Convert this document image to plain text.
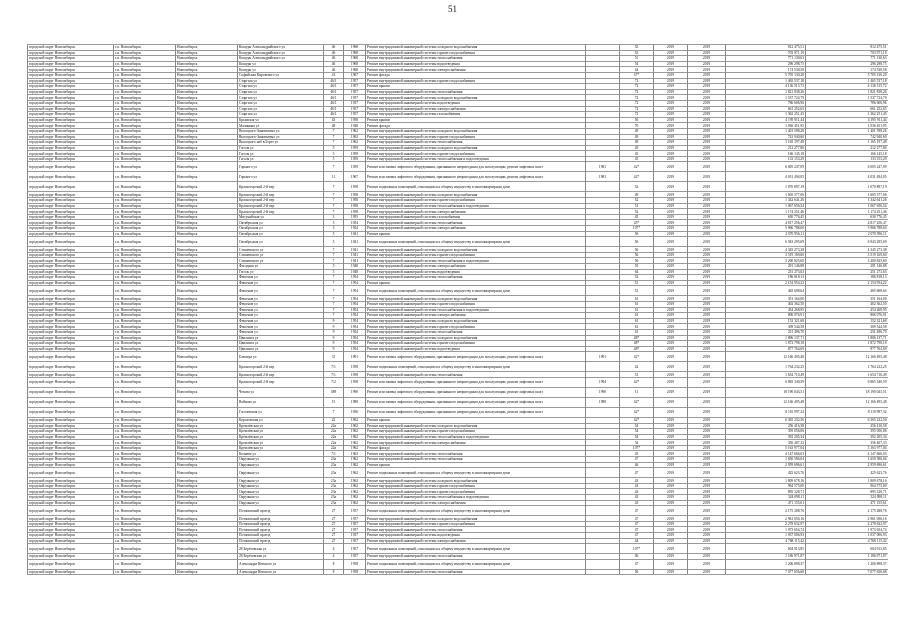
51
городской округ Новосибирск	г.п. Новосибирск	Новосибирск	Кошурн Александрийского ул	46	1968	Ремонт внутридомовой инженерной системы холодного водоснабжения		35	2019	2019	812 475,51	812 475,51
городской округ Новосибирск	г.п. Новосибирск	Новосибирск	Кошурн Александрийского ул	46	1968	Ремонт внутридомовой инженерной системы горячего водоснабжения		53	2019	2019	703 971,19	703 971,19
городской округ Новосибирск	г.п. Новосибирск	Новосибирск	Кошурн Александрийского ул	46	1968	Ремонт внутридомовой инженерной системы теплоснабжения		51	2019	2019	771 130,63	771 130,63
городской округ Новосибирск	г.п. Новосибирск	Новосибирск	Кошурн ул	46	1968	Ремонт внутридомовой инженерной системы водоотведения		54	2019	2019	296 298,75	296 298,75
городской округ Новосибирск	г.п. Новосибирск	Новосибирск	Кошурн ул	46	1968	Ремонт внутридомовой инженерной системы электроснабжения		44	2019	2019	174 538,58	174 538,58
городской округ Новосибирск	г.п. Новосибирск	Новосибирск	Софийская Кировского ул	41	1967	Ремонт фасада		47*	2019	2019	5 705 130,20	5 705 130,20
городской округ Новосибирск	г.п. Новосибирск	Новосибирск	Старгаза ул	46/1	1957	Ремонт внутридомовой инженерной системы горячего водоснабжения		72	2019	2019	1 465 537,18	1 465 537,18
городской округ Новосибирск	г.п. Новосибирск	Новосибирск	Старгаза ул	46/1	1957	Ремонт крыши		72	2019	2019	4 136 515,72	4 136 515,72
городской округ Новосибирск	г.п. Новосибирск	Новосибирск	Старгаза ул	46/1	1957	Ремонт внутридомовой инженерной системы теплоснабжения		72	2019	2019	1 821 838,26	1 821 838,26
городской округ Новосибирск	г.п. Новосибирск	Новосибирск	Старгаза ул	46/1	1957	Ремонт внутридомовой инженерной системы холодного водоснабжения		72	2019	2019	1 537 724,79	1 537 724,79
городской округ Новосибирск	г.п. Новосибирск	Новосибирск	Старгаза ул	46/1	1957	Ремонт внутридомовой инженерной системы водоотведения		72	2019	2019	786 606,96	786 606,96
городской округ Новосибирск	г.п. Новосибирск	Новосибирск	Старгаза ул	46/1	1957	Ремонт внутридомовой инженерной системы электроснабжения		72	2019	2019	661 252,65	661 252,65
городской округ Новосибирск	г.п. Новосибирск	Новосибирск	Старгаза ул	46/1	1957	Ремонт внутридомовой инженерной системы газоснабжения		72	2019	2019	1 362 251,45	1 362 251,45
городской округ Новосибирск	г.п. Новосибирск	Новосибирск	Крымская ул	43	1958	Ремонт крыши		56	2019	2019	4 195 911,44	4 195 911,44
городской округ Новосибирск	г.п. Новосибирск	Новосибирск	Малинина ул	48	1948	Ремонт фасада		70	2019	2019	1 036 451,95	1 036 451,95
городской округ Новосибирск	г.п. Новосибирск	Новосибирск	Высоцкого-Зиновьевых ул	7	1962	Ремонт внутридомовой инженерной системы холодного водоснабжения		49	2019	2019	1 401 598,26	1 401 598,26
городской округ Новосибирск	г.п. Новосибирск	Новосибирск	Высоцкого-Зиновьевых ул	7	1962	Ремонт внутридомовой инженерной системы горячего водоснабжения		49	2019	2019	742 940,60	742 940,60
городской округ Новосибирск	г.п. Новосибирск	Новосибирск	Высоцкого наб в/2трет ул	7	1962	Ремонт внутридомовой инженерной системы теплоснабжения		49	2019	2019	1 165 197,48	1 165 197,48
городской округ Новосибирск	г.п. Новосибирск	Новосибирск	Гоголя ул	5	1959	Ремонт внутридомовой инженерной системы холодного водоснабжения		45	2019	2019	212 277,86	212 277,86
городской округ Новосибирск	г.п. Новосибирск	Новосибирск	Гоголя ул	5	1959	Ремонт внутридомовой инженерной системы горячего водоснабжения		45	2019	2019	166 145,18	166 145,18
городской округ Новосибирск	г.п. Новосибирск	Новосибирск	Гоголя ул	5	1959	Ремонт внутридомовой инженерной системы теплоснабжения и водоотведения		45	2019	2019	133 153,29	133 153,29
городской округ Новосибирск	г.п. Новосибирск	Новосибирск	Горького ул	7	1959	Ремонт или замена лифтового оборудования, признанного непригодным для эксплуатации, ремонт лифтовых шахт	1981	42*	2019	2019	6 005 247,09	6 005 247,09
городской округ Новосибирск	г.п. Новосибирск	Новосибирск	Горького ул	11	1967	Ремонт или замена лифтового оборудования, признанного непригодным для эксплуатации, ремонт лифтовых шахт	1981	42*	2019	2019	4 031 494,05	4 031 494,05
городской округ Новосибирск	г.п. Новосибирск	Новосибирск	Красногорский 2-й пер	7	1958	Ремонт подвальных помещений, относящихся к общему имуществу в многоквартирном доме		52	2019	2019	1 070 897,19	1 070 897,19
городской округ Новосибирск	г.п. Новосибирск	Новосибирск	Красногорский 2-й пер	7	1958	Ремонт внутридомовой инженерной системы холодного водоснабжения		49	2019	2019	1 605 577,06	1 605 577,06
городской округ Новосибирск	г.п. Новосибирск	Новосибирск	Красногорский 2-й пер	7	1958	Ремонт внутридомовой инженерной системы горячего водоснабжения		52	2019	2019	1 342 641,26	1 342 641,26
городской округ Новосибирск	г.п. Новосибирск	Новосибирск	Красногорский 2-й пер	7	1958	Ремонт внутридомовой инженерной системы теплоснабжения и водоотведения		51	2019	2019	1 067 656,54	1 067 656,54
городской округ Новосибирск	г.п. Новосибирск	Новосибирск	Красногорский 2-й пер	7	1958	Ремонт внутридомовой инженерной системы электроснабжения		52	2019	2019	1 174 251,46	1 174 251,46
городской округ Новосибирск	г.п. Новосибирск	Новосибирск	Мисунайская ул	3	1955	Ремонт внутридомовой инженерной системы газоснабжения		45	2019	2019	630 776,45	630 776,45
городской округ Новосибирск	г.п. Новосибирск	Новосибирск	Октябрьская ул	3	1954	Ремонт внутридомовой инженерной системы теплоснабжения		45*	2019	2019	4 817 256,47	4 817 256,47
городской округ Новосибирск	г.п. Новосибирск	Новосибирск	Октябрьская ул	3	1954	Ремонт внутридомовой инженерной системы электроснабжения		107*	2019	2019	5 966 788,60	5 966 788,60
городской округ Новосибирск	г.п. Новосибирск	Новосибирск	Октябрьская ул	5	1941	Ремонт крыши		56	2019	2019	2 070 956,11	2 070 956,11
городской округ Новосибирск	г.п. Новосибирск	Новосибирск	Октябрьская ул	5	1941	Ремонт подвальных помещений, относящихся к общему имуществу в многоквартирном доме		56	2019	2019	6 943 295,69	6 943 295,69
городской округ Новосибирск	г.п. Новосибирск	Новосибирск	Стишевского ул	7	1941	Ремонт внутридомовой инженерной системы холодного водоснабжения		56	2019	2019	4 345 273,38	4 345 273,38
городской округ Новосибирск	г.п. Новосибирск	Новосибирск	Стишевского ул	7	1941	Ремонт внутридомовой инженерной системы горячего водоснабжения		56	2019	2019	3 519 169,60	3 519 169,60
городской округ Новосибирск	г.п. Новосибирск	Новосибирск	Стишевского ул	7	1941	Ремонт внутридомовой инженерной системы теплоснабжения и водоотведения		56	2019	2019	3 200 825,60	3 200 825,60
городской округ Новосибирск	г.п. Новосибирск	Новосибирск	Фасадная ул	5	1948	Ремонт внутридомовой инженерной системы электроснабжения		55	2019	2019	291 146,88	291 146,88
городской округ Новосибирск	г.п. Новосибирск	Новосибирск	Гоголь ул	5	1948	Ремонт внутридомовой инженерной системы водоотведения		64	2019	2019	251 273,63	251 273,63
городской округ Новосибирск	г.п. Новосибирск	Новосибирск	Фешенов ул	7	1954	Ремонт внутридомовой инженерной системы теплоснабжения		52	2019	2019	186 818,13	186 818,13
городской округ Новосибирск	г.п. Новосибирск	Новосибирск	Фешенов ул	7	1954	Ремонт крыши		51	2019	2019	2 154 954,22	2 154 954,22
городской округ Новосибирск	г.п. Новосибирск	Новосибирск	Фешенов ул	7	1954	Ремонт подвальных помещений, относящихся к общему имуществу в многоквартирном доме		51	2019	2019	465 608,64	465 608,64
городской округ Новосибирск	г.п. Новосибирск	Новосибирск	Фешенов ул	7	1954	Ремонт внутридомовой инженерной системы холодного водоснабжения		61	2019	2019	351 164,00	351 164,00
городской округ Новосибирск	г.п. Новосибирск	Новосибирск	Фешенов ул	7	1954	Ремонт внутридомовой инженерной системы горячего водоснабжения		61	2019	2019	402 362,50	402 362,50
городской округ Новосибирск	г.п. Новосибирск	Новосибирск	Фешенов ул	7	1954	Ремонт внутридомовой инженерной системы теплоснабжения и водоотведения		61	2019	2019	454 268,95	454 268,95
городской округ Новосибирск	г.п. Новосибирск	Новосибирск	Фешенов ул	7	1954	Ремонт внутридомовой инженерной системы электроснабжения		61	2019	2019	806 076,91	806 076,91
городской округ Новосибирск	г.п. Новосибирск	Новосибирск	Фешенов ул	9	1954	Ремонт внутридомовой инженерной системы холодного водоснабжения		61	2019	2019	152 321,68	152 321,68
городской округ Новосибирск	г.п. Новосибирск	Новосибирск	Фешенов ул	9	1954	Ремонт внутридомовой инженерной системы горячего водоснабжения		61	2019	2019	309 544,58	309 544,58
городской округ Новосибирск	г.п. Новосибирск	Новосибирск	Фешенов ул	9	1954	Ремонт внутридомовой инженерной системы теплоснабжения		61	2019	2019	251 496,70	251 496,70
городской округ Новосибирск	г.п. Новосибирск	Новосибирск	Цвилинга ул	9	1954	Ремонт внутридомовой инженерной системы холодного водоснабжения		48*	2019	2019	1 806 137,71	1 806 137,71
городской округ Новосибирск	г.п. Новосибирск	Новосибирск	Цвилинга ул	9	1954	Ремонт внутридомовой инженерной системы горячего водоснабжения		48*	2019	2019	1 872 798,18	1 872 798,18
городской округ Новосибирск	г.п. Новосибирск	Новосибирск	Цвилинга ул	9	1954	Ремонт внутридомовой инженерной системы водоотведения		48*	2019	2019	877 764,69	877 764,69
городской округ Новосибирск	г.п. Новосибирск	Новосибирск	Блюхера ул	31	1991	Ремонт или замена лифтового оборудования, признанного непригодным для эксплуатации, ремонт лифтовых шахт	1991	42*	2019	2019	12 166 495,48	12 166 495,48
городской округ Новосибирск	г.п. Новосибирск	Новосибирск	Красногорский 2-й пер	7/1	1958	Ремонт подвальных помещений, относящихся к общему имуществу в многоквартирном доме		42	2019	2019	1 764 232,25	1 764 232,25
городской округ Новосибирск	г.п. Новосибирск	Новосибирск	Красногорский 2-й пер	7/1	1958	Ремонт внутридомовой инженерной системы теплоснабжения		51	2019	2019	1 654 710,49	1 654 710,49
городской округ Новосибирск	г.п. Новосибирск	Новосибирск	Красногорский 2-й пер	7/2	1958	Ремонт или замена лифтового оборудования, признанного непригодным для эксплуатации, ремонт лифтовых шахт	1994	42*	2019	2019	6 865 340,59	6 865 340,59
городской округ Новосибирск	г.п. Новосибирск	Новосибирск	Чехова ул	389	1990	Ремонт или замена лифтового оборудования, признанного непригодным для эксплуатации, ремонт лифтовых шахт	1990	11	2019	2019	18 190 043,51	18 190 043,51
городской округ Новосибирск	г.п. Новосибирск	Новосибирск	Войкова ул	15	1989	Ремонт или замена лифтового оборудования, признанного непригодным для эксплуатации, ремонт лифтовых шахт	1989	42*	2019	2019	12 166 495,48	12 166 495,48
городской округ Новосибирск	г.п. Новосибирск	Новосибирск	Гоголевская ул	7	1956	Ремонт или замена лифтового оборудования, признанного непригодным для эксплуатации, ремонт лифтовых шахт		42*	2019	2019	8 110 997,32	8 110 997,32
городской округ Новосибирск	г.п. Новосибирск	Новосибирск	Королевская ул	22	1962	Ремонт крыши		42*	2019	2019	6 365 232,56	6 365 232,56
городской округ Новосибирск	г.п. Новосибирск	Новосибирск	Кремлёвская ул	22а	1962	Ремонт внутридомовой инженерной системы холодного водоснабжения		54	2019	2019	256 416,58	256 416,58
городской округ Новосибирск	г.п. Новосибирск	Новосибирск	Кремлёвская ул	22а	1962	Ремонт внутридомовой инженерной системы горячего водоснабжения		54	2019	2019	395 056,06	395 056,06
городской округ Новосибирск	г.п. Новосибирск	Новосибирск	Кремлёвская ул	22а	1962	Ремонт внутридомовой инженерной системы теплоснабжения и водоотведения		54	2019	2019	392 205,34	392 205,34
городской округ Новосибирск	г.п. Новосибирск	Новосибирск	Кремлёвская ул	22а	1962	Ремонт внутридомовой инженерной системы электроснабжения		54	2019	2019	356 407,33	356 407,33
городской округ Новосибирск	г.п. Новосибирск	Новосибирск	Кремлёвская ул	22а	1962	Ремонт фасада		107*	2019	2019	5 163 977,04	5 163 977,04
городской округ Новосибирск	г.п. Новосибирск	Новосибирск	Кочнева ул	7/1	1963	Ремонт внутридомовой инженерной системы теплоснабжения		45	2019	2019	4 147 666,03	4 147 666,03
городской округ Новосибирск	г.п. Новосибирск	Новосибирск	Окружная ул	23а	1962	Ремонт внутридомовой инженерной системы теплоснабжения		47	2019	2019	1 650 586,04	1 650 586,04
городской округ Новосибирск	г.п. Новосибирск	Новосибирск	Окружная ул	23а	1962	Ремонт крыши		46	2019	2019	2 959 696,61	2 959 696,61
городской округ Новосибирск	г.п. Новосибирск	Новосибирск	Окружная ул	23а	1962	Ремонт подвальных помещений, относящихся к общему имуществу в многоквартирном доме		47	2019	2019	425 623,76	425 623,76
городской округ Новосибирск	г.п. Новосибирск	Новосибирск	Окружная ул	23а	1962	Ремонт внутридомовой инженерной системы холодного водоснабжения		43	2019	2019	1 809 678,16	1 809 678,16
городской округ Новосибирск	г.п. Новосибирск	Новосибирск	Окружная ул	23а	1962	Ремонт внутридомовой инженерной системы горячего водоснабжения		43	2019	2019	964 575,00	964 575,00
городской округ Новосибирск	г.п. Новосибирск	Новосибирск	Окружная ул	23а	1962	Ремонт внутридомовой инженерной системы горячего водоснабжения		43	2019	2019	895 328,71	895 328,71
городской округ Новосибирск	г.п. Новосибирск	Новосибирск	Окружная ул	23а	1962	Ремонт внутридомовой инженерной системы теплоснабжения и водоотведения		43	2019	2019	324 098,11	324 098,11
городской округ Новосибирск	г.п. Новосибирск	Новосибирск	Окружная ул	23а	1962	Ремонт внутридомовой инженерной системы электроснабжения		43	2019	2019	471 155,61	471 155,61
городской округ Новосибирск	г.п. Новосибирск	Новосибирск	Потаповский проезд	27	1957	Ремонт подвальных помещений, относящихся к общему имуществу в многоквартирном доме		47	2019	2019	2 175 288,76	2 175 288,76
городской округ Новосибирск	г.п. Новосибирск	Новосибирск	Потаповский проезд	27	1957	Ремонт внутридомовой инженерной системы холодного водоснабжения		47	2019	2019	2 961 056,16	2 961 056,16
городской округ Новосибирск	г.п. Новосибирск	Новосибирск	Потаповский проезд	27	1957	Ремонт внутридомовой инженерной системы горячего водоснабжения		47	2019	2019	2 278 632,97	2 278 632,97
городской округ Новосибирск	г.п. Новосибирск	Новосибирск	Потаповский проезд	27	1957	Ремонт внутридомовой инженерной системы теплоснабжения		47	2019	2019	1 973 654,74	1 973 654,74
городской округ Новосибирск	г.п. Новосибирск	Новосибирск	Потаповский проезд	27	1957	Ремонт внутридомовой инженерной системы водоотведения		47	2019	2019	1 037 006,93	1 037 006,93
городской округ Новосибирск	г.п. Новосибирск	Новосибирск	Потаповский проезд	27	1957	Ремонт внутридомовой инженерной системы электроснабжения		44	2019	2019	4 768 115,42	4 768 115,42
городской округ Новосибирск	г.п. Новосибирск	Новосибирск	28 Берёзовская ул	4	1957	Ремонт подвальных помещений, относящихся к общему имуществу в многоквартирном доме		107*	2019	2019	604 913,85	604 913,85
городской округ Новосибирск	г.п. Новосибирск	Новосибирск	28 Берёзовская ул	4	1957	Ремонт внутридомовой инженерной системы теплоснабжения		46	2019	2019	1 186 971,87	1 186 971,87
городской округ Новосибирск	г.п. Новосибирск	Новосибирск	Александра Невского ул	8	1958	Ремонт подвальных помещений, относящихся к общему имуществу в многоквартирном доме		47	2019	2019	1 206 898,37	1 206 898,37
городской округ Новосибирск	г.п. Новосибирск	Новосибирск	Александра Невского ул	8	1958	Ремонт внутридомовой инженерной системы теплоснабжения		56	2019	2019	7 077 656,68	7 077 656,68
